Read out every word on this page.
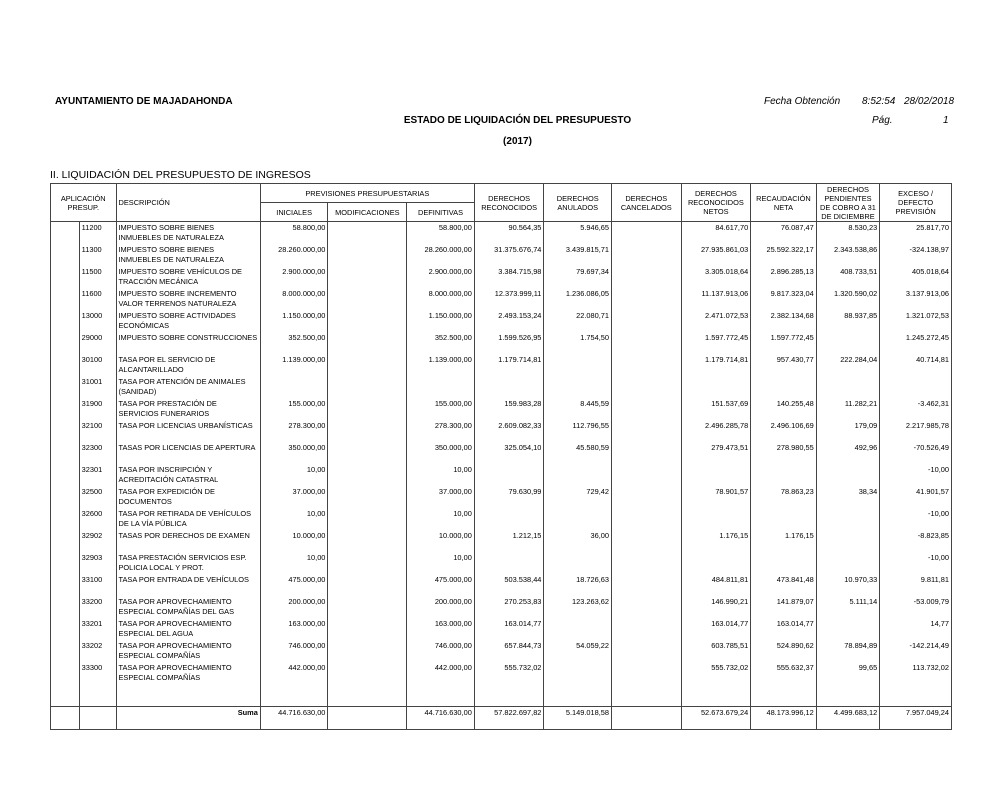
AYUNTAMIENTO DE MAJADAHONDA	Fecha Obtención 8:52:54 28/02/2018
ESTADO DE LIQUIDACIÓN DEL PRESUPUESTO	Pág.	1
(2017)
II. LIQUIDACIÓN DEL PRESUPUESTO DE INGRESOS
APLICACIÓN PRESUP.		DESCRIPCIÓN	PREVISIONES PRESUPUESTARIAS			DERECHOS RECONOCIDOS	DERECHOS ANULADOS	DERECHOS CANCELADOS	DERECHOS RECONOCIDOS NETOS	RECAUDACIÓN NETA	DERECHOS PENDIENTES DE COBRO A 31 DE DICIEMBRE	EXCESO / DEFECTO PREVISIÓN
			INICIALES	MODIFICACIONES	DEFINITIVAS							
	11200	IMPUESTO SOBRE BIENES INMUEBLES DE NATURALEZA	58.800,00		58.800,00	90.564,35	5.946,65		84.617,70	76.087,47	8.530,23	25.817,70
	11300	IMPUESTO SOBRE BIENES INMUEBLES DE NATURALEZA	28.260.000,00		28.260.000,00	31.375.676,74	3.439.815,71		27.935.861,03	25.592.322,17	2.343.538,86	-324.138,97
	11500	IMPUESTO SOBRE VEHÍCULOS DE TRACCIÓN MECÁNICA	2.900.000,00		2.900.000,00	3.384.715,98	79.697,34		3.305.018,64	2.896.285,13	408.733,51	405.018,64
	11600	IMPUESTO SOBRE INCREMENTO VALOR TERRENOS NATURALEZA	8.000.000,00		8.000.000,00	12.373.999,11	1.236.086,05		11.137.913,06	9.817.323,04	1.320.590,02	3.137.913,06
	13000	IMPUESTO SOBRE ACTIVIDADES ECONÓMICAS	1.150.000,00		1.150.000,00	2.493.153,24	22.080,71		2.471.072,53	2.382.134,68	88.937,85	1.321.072,53
	29000	IMPUESTO SOBRE CONSTRUCCIONES	352.500,00		352.500,00	1.599.526,95	1.754,50		1.597.772,45	1.597.772,45		1.245.272,45
	30100	TASA POR EL SERVICIO DE ALCANTARILLADO	1.139.000,00		1.139.000,00	1.179.714,81			1.179.714,81	957.430,77	222.284,04	40.714,81
	31001	TASA POR ATENCIÓN DE ANIMALES (SANIDAD)										
	31900	TASA POR PRESTACIÓN DE SERVICIOS FUNERARIOS	155.000,00		155.000,00	159.983,28	8.445,59		151.537,69	140.255,48	11.282,21	-3.462,31
	32100	TASA POR LICENCIAS URBANÍSTICAS	278.300,00		278.300,00	2.609.082,33	112.796,55		2.496.285,78	2.496.106,69	179,09	2.217.985,78
	32300	TASAS POR LICENCIAS DE APERTURA	350.000,00		350.000,00	325.054,10	45.580,59		279.473,51	278.980,55	492,96	-70.526,49
	32301	TASA POR INSCRIPCIÓN Y ACREDITACIÓN CATASTRAL	10,00		10,00							-10,00
	32500	TASA POR EXPEDICIÓN DE DOCUMENTOS	37.000,00		37.000,00	79.630,99	729,42		78.901,57	78.863,23	38,34	41.901,57
	32600	TASA POR RETIRADA DE VEHÍCULOS DE LA VÍA PÚBLICA	10,00		10,00							-10,00
	32902	TASAS POR DERECHOS DE EXAMEN	10.000,00		10.000,00	1.212,15	36,00		1.176,15	1.176,15		-8.823,85
	32903	TASA PRESTACIÓN SERVICIOS ESP. POLICIA LOCAL Y PROT.	10,00		10,00							-10,00
	33100	TASA POR ENTRADA DE VEHÍCULOS	475.000,00		475.000,00	503.538,44	18.726,63		484.811,81	473.841,48	10.970,33	9.811,81
	33200	TASA POR APROVECHAMIENTO ESPECIAL COMPAÑÍAS DEL GAS	200.000,00		200.000,00	270.253,83	123.263,62		146.990,21	141.879,07	5.111,14	-53.009,79
	33201	TASA POR APROVECHAMIENTO ESPECIAL DEL AGUA	163.000,00		163.000,00	163.014,77			163.014,77	163.014,77		14,77
	33202	TASA POR APROVECHAMIENTO ESPECIAL COMPAÑÍAS	746.000,00		746.000,00	657.844,73	54.059,22		603.785,51	524.890,62	78.894,89	-142.214,49
	33300	TASA POR APROVECHAMIENTO ESPECIAL COMPAÑÍAS	442.000,00		442.000,00	555.732,02			555.732,02	555.632,37	99,65	113.732,02

		Suma	44.716.630,00		44.716.630,00	57.822.697,82	5.149.018,58		52.673.679,24	48.173.996,12	4.499.683,12	7.957.049,24
